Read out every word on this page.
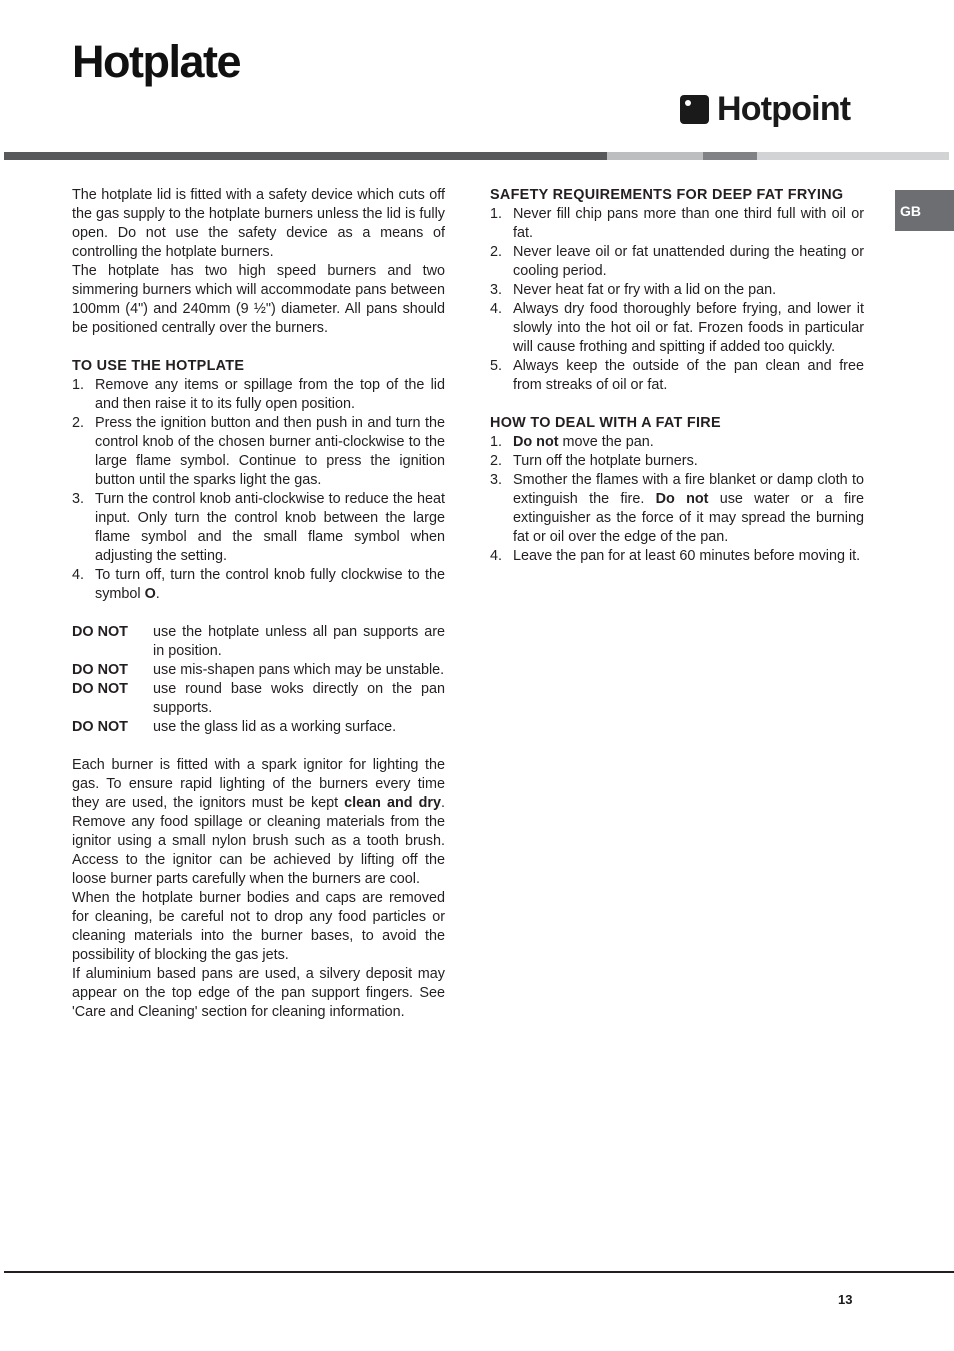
Hotplate
Hotpoint
GB

The hotplate lid is fitted with a safety device which cuts off the gas supply to the hotplate burners unless the lid is fully open. Do not use the safety device as a means of controlling the hotplate burners.

The hotplate has two high speed burners and two simmering burners which will accommodate pans between 100mm (4") and 240mm (9 ½") diameter. All pans should be positioned centrally over the burners.

TO USE THE HOTPLATE
1. Remove any items or spillage from the top of the lid and then raise it to its fully open position.
2. Press the ignition button and then push in and turn the control knob of the chosen burner anti-clockwise to the large flame symbol. Continue to press the ignition button until the sparks light the gas.
3. Turn the control knob anti-clockwise to reduce the heat input. Only turn the control knob between the large flame symbol and the small flame symbol when adjusting the setting.
4. To turn off, turn the control knob fully clockwise to the symbol O.
DO NOT	use the hotplate unless all pan supports are in position.
DO NOT	use mis-shapen pans which may be unstable.
DO NOT	use round base woks directly on the pan supports.
DO NOT	use the glass lid as a working surface.

Each burner is fitted with a spark ignitor for lighting the gas. To ensure rapid lighting of the burners every time they are used, the ignitors must be kept clean and dry. Remove any food spillage or cleaning materials from the ignitor using a small nylon brush such as a tooth brush. Access to the ignitor can be achieved by lifting off the loose burner parts carefully when the burners are cool.

When the hotplate burner bodies and caps are removed for cleaning, be careful not to drop any food particles or cleaning materials into the burner bases, to avoid the possibility of blocking the gas jets.

If aluminium based pans are used, a silvery deposit may appear on the top edge of the pan support fingers. See 'Care and Cleaning' section for cleaning information.

SAFETY REQUIREMENTS FOR DEEP FAT FRYING
1. Never fill chip pans more than one third full with oil or fat.
2. Never leave oil or fat unattended during the heating or cooling period.
3. Never heat fat or fry with a lid on the pan.
4. Always dry food thoroughly before frying, and lower it slowly into the hot oil or fat. Frozen foods in particular will cause frothing and spitting if added too quickly.
5. Always keep the outside of the pan clean and free from streaks of oil or fat.
HOW TO DEAL WITH A FAT FIRE
1. Do not move the pan.
2. Turn off the hotplate burners.
3. Smother the flames with a fire blanket or damp cloth to extinguish the fire. Do not use water or a fire extinguisher as the force of it may spread the burning fat or oil over the edge of the pan.
4. Leave the pan for at least 60 minutes before moving it.
13
